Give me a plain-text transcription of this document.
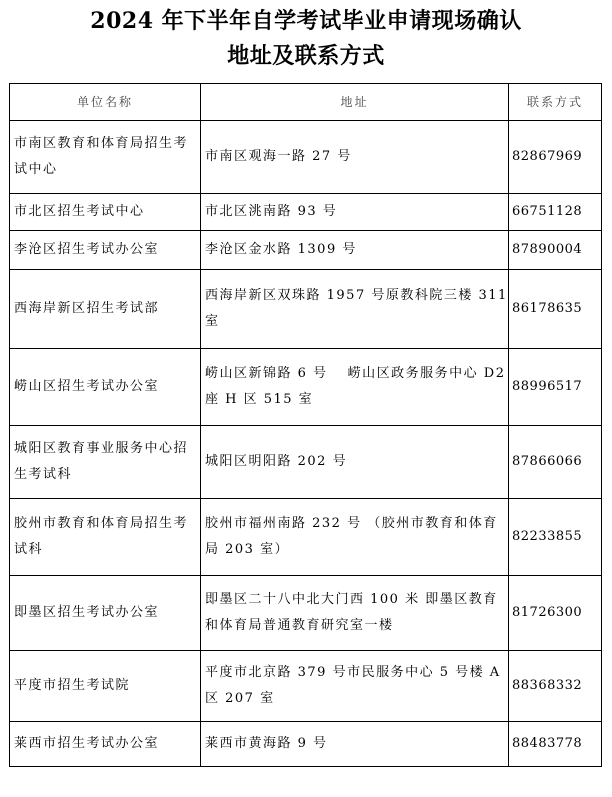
2024 年下半年自学考试毕业申请现场确认
地址及联系方式
单位名称	地址	联系方式
市南区教育和体育局招生考试中心	市南区观海一路 27 号	82867969
市北区招生考试中心	市北区洮南路 93 号	66751128
李沧区招生考试办公室	李沧区金水路 1309 号	87890004
西海岸新区招生考试部	西海岸新区双珠路 1957 号原教科院三楼 311 室	86178635
崂山区招生考试办公室	崂山区新锦路 6 号　 崂山区政务服务中心 D2 座 H 区 515 室	88996517
城阳区教育事业服务中心招生考试科	城阳区明阳路 202 号	87866066
胶州市教育和体育局招生考试科	胶州市福州南路 232 号 （胶州市教育和体育局 203 室）	82233855
即墨区招生考试办公室	即墨区二十八中北大门西 100 米 即墨区教育和体育局普通教育研究室一楼	81726300
平度市招生考试院	平度市北京路 379 号市民服务中心 5 号楼 A 区 207 室	88368332
莱西市招生考试办公室	莱西市黄海路 9 号	88483778
